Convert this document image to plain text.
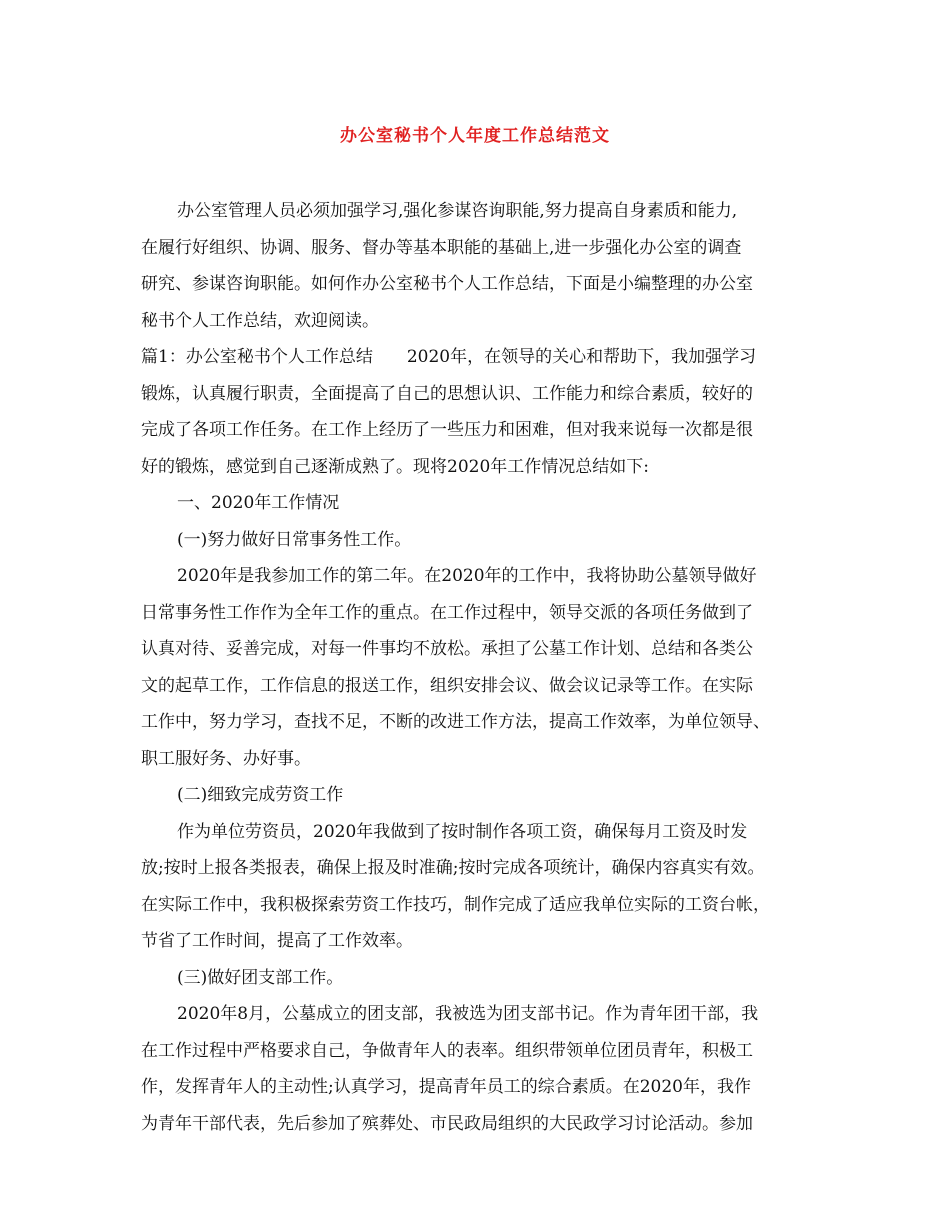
办公室秘书个人年度工作总结范文
办公室管理人员必须加强学习,强化参谋咨询职能,努力提高自身素质和能力,
在履行好组织、协调、服务、督办等基本职能的基础上,进一步强化办公室的调查
研究、参谋咨询职能。如何作办公室秘书个人工作总结，下面是小编整理的办公室
秘书个人工作总结，欢迎阅读。
篇1：办公室秘书个人工作总结　　2020年，在领导的关心和帮助下，我加强学习
锻炼，认真履行职责，全面提高了自己的思想认识、工作能力和综合素质，较好的
完成了各项工作任务。在工作上经历了一些压力和困难，但对我来说每一次都是很
好的锻炼，感觉到自己逐渐成熟了。现将2020年工作情况总结如下:
一、2020年工作情况
(一)努力做好日常事务性工作。
2020年是我参加工作的第二年。在2020年的工作中，我将协助公墓领导做好
日常事务性工作作为全年工作的重点。在工作过程中，领导交派的各项任务做到了
认真对待、妥善完成，对每一件事均不放松。承担了公墓工作计划、总结和各类公
文的起草工作，工作信息的报送工作，组织安排会议、做会议记录等工作。在实际
工作中，努力学习，查找不足，不断的改进工作方法，提高工作效率，为单位领导、
职工服好务、办好事。
(二)细致完成劳资工作
作为单位劳资员，2020年我做到了按时制作各项工资，确保每月工资及时发
放;按时上报各类报表，确保上报及时准确;按时完成各项统计，确保内容真实有效。
在实际工作中，我积极探索劳资工作技巧，制作完成了适应我单位实际的工资台帐，
节省了工作时间，提高了工作效率。
(三)做好团支部工作。
2020年8月，公墓成立的团支部，我被选为团支部书记。作为青年团干部，我
在工作过程中严格要求自己，争做青年人的表率。组织带领单位团员青年，积极工
作，发挥青年人的主动性;认真学习，提高青年员工的综合素质。在2020年，我作
为青年干部代表，先后参加了殡葬处、市民政局组织的大民政学习讨论活动。参加
